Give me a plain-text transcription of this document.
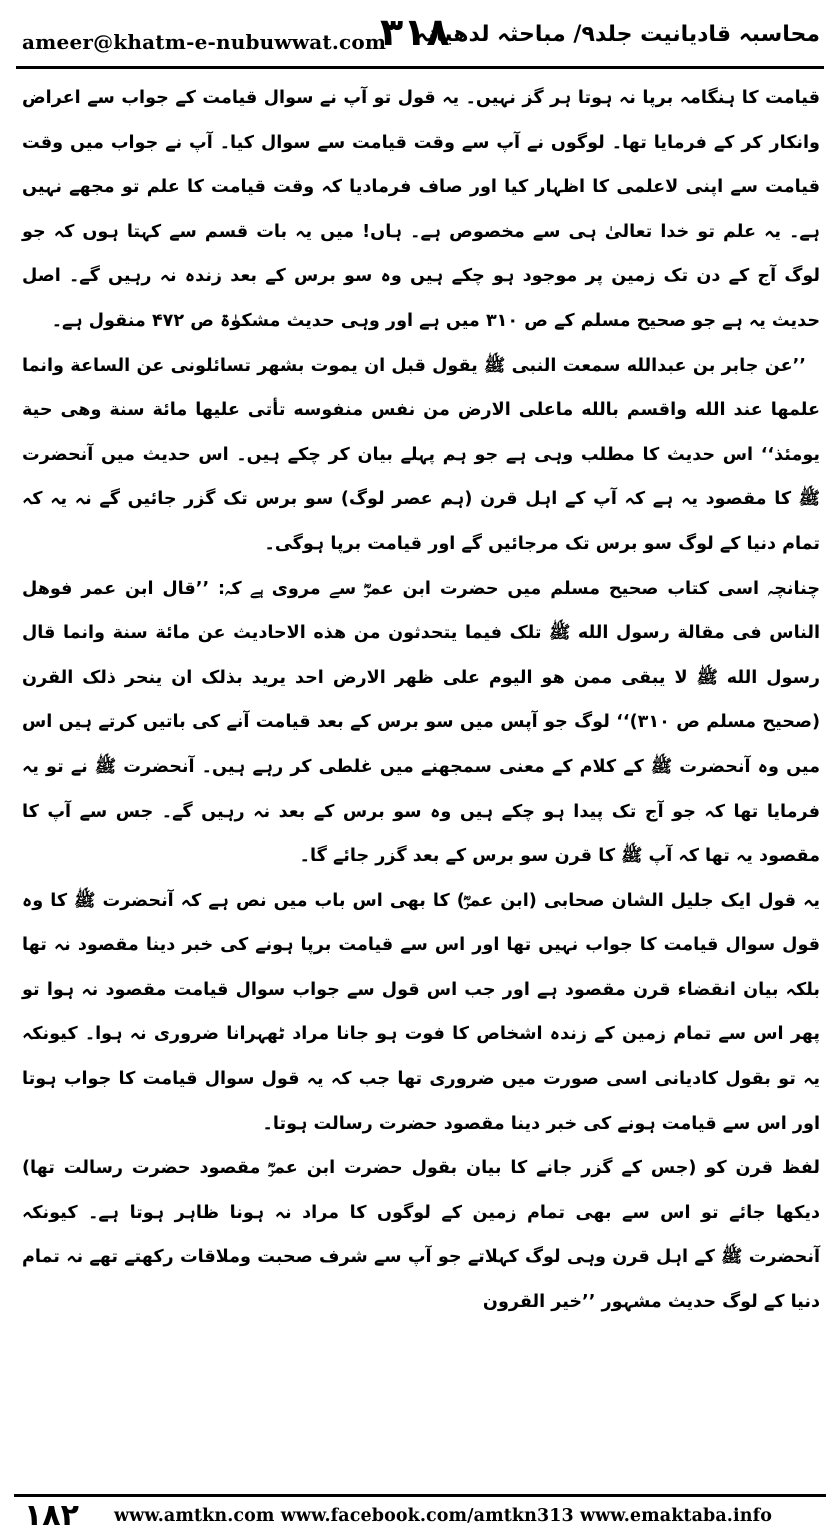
ameer@khatm-e-nubuwwat.com
۳۱۸
محاسبہ قادیانیت جلد۹/ مباحثہ لدھیانہ

قیامت کا ہنگامہ برپا نہ ہوتا ہر گز نہیں۔ یہ قول تو آپ نے سوال قیامت کے جواب سے اعراض وانکار کر کے فرمایا تھا۔ لوگوں نے آپ سے وقت قیامت سے سوال کیا۔ آپ نے جواب میں وقت قیامت سے اپنی لاعلمی کا اظہار کیا اور صاف فرمادیا کہ وقت قیامت کا علم تو مجھے نہیں ہے۔ یہ علم تو خدا تعالیٰ ہی سے مخصوص ہے۔ ہاں! میں یہ بات قسم سے کہتا ہوں کہ جو لوگ آج کے دن تک زمین پر موجود ہو چکے ہیں وہ سو برس کے بعد زندہ نہ رہیں گے۔ اصل حدیث یہ ہے جو صحیح مسلم کے ص ۳۱۰ میں ہے اور وہی حدیث مشکوٰۃ ص ۴۷۲ منقول ہے۔

’’عن جابر بن عبدالله سمعت النبی ﷺ یقول قبل ان یموت بشهر تسائلونی عن الساعة وانما علمها عند الله واقسم بالله ماعلی الارض من نفس منفوسه تأتی علیها مائة سنة وهی حیة یومئذ‘‘ اس حدیث کا مطلب وہی ہے جو ہم پہلے بیان کر چکے ہیں۔ اس حدیث میں آنحضرت ﷺ کا مقصود یہ ہے کہ آپ کے اہل قرن (ہم عصر لوگ) سو برس تک گزر جائیں گے نہ یہ کہ تمام دنیا کے لوگ سو برس تک مرجائیں گے اور قیامت برپا ہوگی۔

چنانچہ اسی کتاب صحیح مسلم میں حضرت ابن عمرؓ سے مروی ہے کہ: ’’قال ابن عمر فوهل الناس فی مقالة رسول الله ﷺ تلک فیما یتحدثون من هذه الاحادیث عن مائة سنة وانما قال رسول الله ﷺ لا یبقی ممن هو الیوم علی ظهر الارض احد یرید بذلک ان ینحر ذلک القرن (صحیح مسلم ص ۳۱۰)‘‘ لوگ جو آپس میں سو برس کے بعد قیامت آنے کی باتیں کرتے ہیں اس میں وہ آنحضرت ﷺ کے کلام کے معنی سمجھنے میں غلطی کر رہے ہیں۔ آنحضرت ﷺ نے تو یہ فرمایا تھا کہ جو آج تک پیدا ہو چکے ہیں وہ سو برس کے بعد نہ رہیں گے۔ جس سے آپ کا مقصود یہ تھا کہ آپ ﷺ کا قرن سو برس کے بعد گزر جائے گا۔

یہ قول ایک جلیل الشان صحابی (ابن عمرؓ) کا بھی اس باب میں نص ہے کہ آنحضرت ﷺ کا وہ قول سوال قیامت کا جواب نہیں تھا اور اس سے قیامت برپا ہونے کی خبر دینا مقصود نہ تھا بلکہ بیان انقضاء قرن مقصود ہے اور جب اس قول سے جواب سوال قیامت مقصود نہ ہوا تو پھر اس سے تمام زمین کے زندہ اشخاص کا فوت ہو جانا مراد ٹھہرانا ضروری نہ ہوا۔ کیونکہ یہ تو بقول کادیانی اسی صورت میں ضروری تھا جب کہ یہ قول سوال قیامت کا جواب ہوتا اور اس سے قیامت ہونے کی خبر دینا مقصود حضرت رسالت ہوتا۔

لفظ قرن کو (جس کے گزر جانے کا بیان بقول حضرت ابن عمرؓ مقصود حضرت رسالت تھا) دیکھا جائے تو اس سے بھی تمام زمین کے لوگوں کا مراد نہ ہونا ظاہر ہوتا ہے۔ کیونکہ آنحضرت ﷺ کے اہل قرن وہی لوگ کہلاتے جو آپ سے شرف صحبت وملاقات رکھتے تھے نہ تمام دنیا کے لوگ حدیث مشہور ’’خیر القرون

۱۸۲ www.amtkn.com www.facebook.com/amtkn313 www.emaktaba.info
